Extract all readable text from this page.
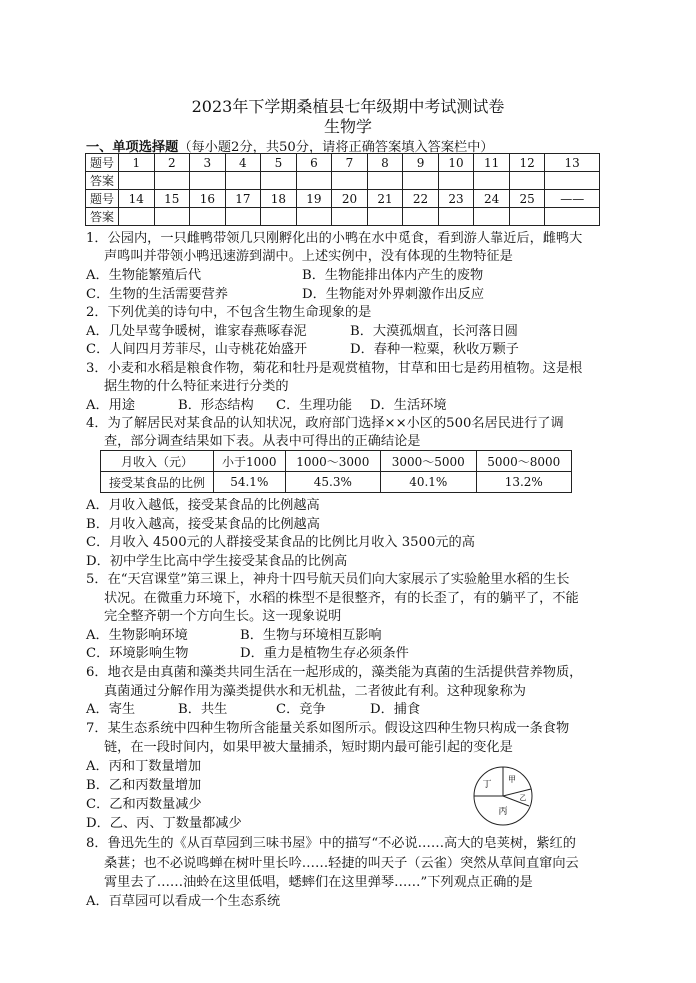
2023年下学期桑植县七年级期中考试测试卷
生物学
一、单项选择题（每小题2分，共50分，请将正确答案填入答案栏中）
题号	1	2	3	4	5	6	7	8	9	10	11	12	13
答案													
题号	14	15	16	17	18	19	20	21	22	23	24	25	——
答案													
1．公园内，一只雌鸭带领几只刚孵化出的小鸭在水中觅食，看到游人靠近后，雌鸭大
声鸣叫并带领小鸭迅速游到湖中。上述实例中，没有体现的生物特征是
A．生物能繁殖后代	B．生物能排出体内产生的废物
C．生物的生活需要营养	D．生物能对外界刺激作出反应
2．下列优美的诗句中，不包含生物生命现象的是
A．几处早莺争暖树，谁家春燕啄春泥	B．大漠孤烟直，长河落日圆
C．人间四月芳菲尽，山寺桃花始盛开	D．春种一粒粟，秋收万颗子
3．小麦和水稻是粮食作物，菊花和牡丹是观赏植物，甘草和田七是药用植物。这是根
据生物的什么特征来进行分类的
A．用途	B．形态结构 C．生理功能 D．生活环境
4．为了解居民对某食品的认知状况，政府部门选择××小区的500名居民进行了调
查，部分调查结果如下表。从表中可得出的正确结论是
月收入（元）	小于1000	1000～3000	3000～5000	5000～8000
接受某食品的比例	54.1%	45.3%	40.1%	13.2%
A．月收入越低，接受某食品的比例越高
B．月收入越高，接受某食品的比例越高
C．月收入 4500元的人群接受某食品的比例比月收入 3500元的高
D．初中学生比高中学生接受某食品的比例高
5．在“天宫课堂”第三课上，神舟十四号航天员们向大家展示了实验舱里水稻的生长
状况。在微重力环境下，水稻的株型不是很整齐，有的长歪了，有的躺平了，不能
完全整齐朝一个方向生长。这一现象说明
A．生物影响环境	B．生物与环境相互影响
C．环境影响生物	D．重力是植物生存必须条件
6．地衣是由真菌和藻类共同生活在一起形成的，藻类能为真菌的生活提供营养物质，
真菌通过分解作用为藻类提供水和无机盐，二者彼此有利。这种现象称为
A．寄生	B．共生	C．竞争	D．捕食
7．某生态系统中四种生物所含能量关系如图所示。假设这四种生物只构成一条食物
链，在一段时间内，如果甲被大量捕杀，短时期内最可能引起的变化是
A．丙和丁数量增加
B．乙和丙数量增加
C．乙和丙数量减少
D．乙、丙、丁数量都减少
丁
甲
乙
丙
8．鲁迅先生的《从百草园到三味书屋》中的描写“不必说……高大的皂荚树，紫红的
桑葚；也不必说鸣蝉在树叶里长吟……轻捷的叫天子（云雀）突然从草间直窜向云
霄里去了……油蛉在这里低唱，蟋蟀们在这里弹琴……”下列观点正确的是
A．百草园可以看成一个生态系统
